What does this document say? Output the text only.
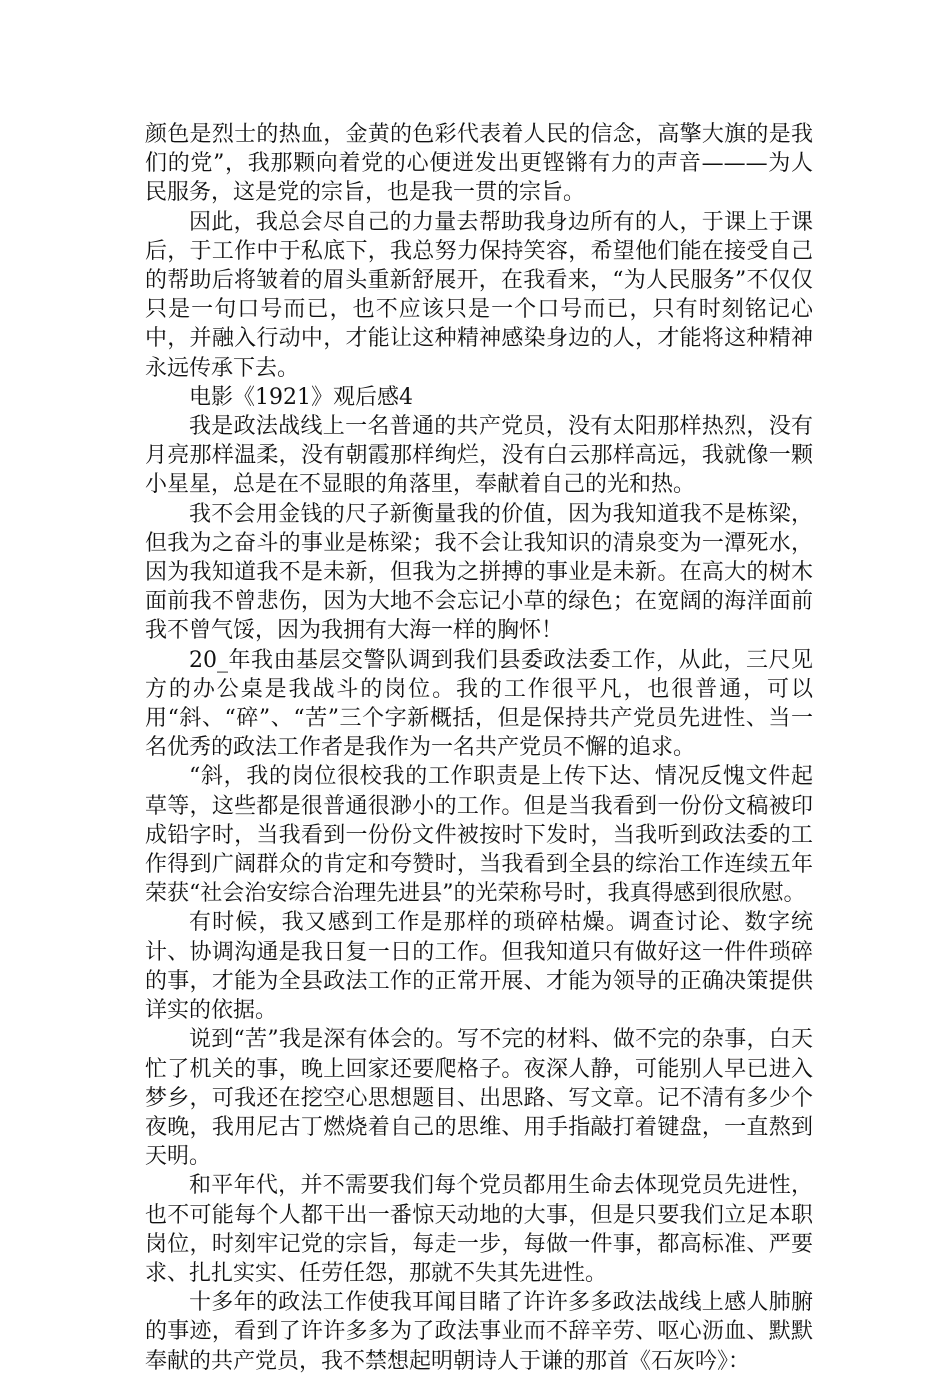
颜色是烈士的热血，金黄的色彩代表着人民的信念，高擎大旗的是我们的党”，我那颗向着党的心便迸发出更铿锵有力的声音———为人民服务，这是党的宗旨，也是我一贯的宗旨。

因此，我总会尽自己的力量去帮助我身边所有的人，于课上于课后，于工作中于私底下，我总努力保持笑容，希望他们能在接受自己的帮助后将皱着的眉头重新舒展开，在我看来，“为人民服务”不仅仅只是一句口号而已，也不应该只是一个口号而已，只有时刻铭记心中，并融入行动中，才能让这种精神感染身边的人，才能将这种精神永远传承下去。

电影《1921》观后感4

我是政法战线上一名普通的共产党员，没有太阳那样热烈，没有月亮那样温柔，没有朝霞那样绚烂，没有白云那样高远，我就像一颗小星星，总是在不显眼的角落里，奉献着自己的光和热。

我不会用金钱的尺子新衡量我的价值，因为我知道我不是栋梁，但我为之奋斗的事业是栋梁；我不会让我知识的清泉变为一潭死水，因为我知道我不是未新，但我为之拼搏的事业是未新。在高大的树木面前我不曾悲伤，因为大地不会忘记小草的绿色；在宽阔的海洋面前我不曾气馁，因为我拥有大海一样的胸怀！

20_年我由基层交警队调到我们县委政法委工作，从此，三尺见方的办公桌是我战斗的岗位。我的工作很平凡，也很普通，可以用“斜、“碎”、“苦”三个字新概括，但是保持共产党员先进性、当一名优秀的政法工作者是我作为一名共产党员不懈的追求。

“斜，我的岗位很校我的工作职责是上传下达、情况反愧文件起草等，这些都是很普通很渺小的工作。但是当我看到一份份文稿被印成铅字时，当我看到一份份文件被按时下发时，当我听到政法委的工作得到广阔群众的肯定和夸赞时，当我看到全县的综治工作连续五年荣获“社会治安综合治理先进县”的光荣称号时，我真得感到很欣慰。

有时候，我又感到工作是那样的琐碎枯燥。调查讨论、数字统计、协调沟通是我日复一日的工作。但我知道只有做好这一件件琐碎的事，才能为全县政法工作的正常开展、才能为领导的正确决策提供详实的依据。

说到“苦”我是深有体会的。写不完的材料、做不完的杂事，白天忙了机关的事，晚上回家还要爬格子。夜深人静，可能别人早已进入梦乡，可我还在挖空心思想题目、出思路、写文章。记不清有多少个夜晚，我用尼古丁燃烧着自己的思维、用手指敲打着键盘，一直熬到天明。

和平年代，并不需要我们每个党员都用生命去体现党员先进性，也不可能每个人都干出一番惊天动地的大事，但是只要我们立足本职岗位，时刻牢记党的宗旨，每走一步，每做一件事，都高标准、严要求、扎扎实实、任劳任怨，那就不失其先进性。

十多年的政法工作使我耳闻目睹了许许多多政法战线上感人肺腑的事迹，看到了许许多多为了政法事业而不辞辛劳、呕心沥血、默默奉献的共产党员，我不禁想起明朝诗人于谦的那首《石灰吟》：
